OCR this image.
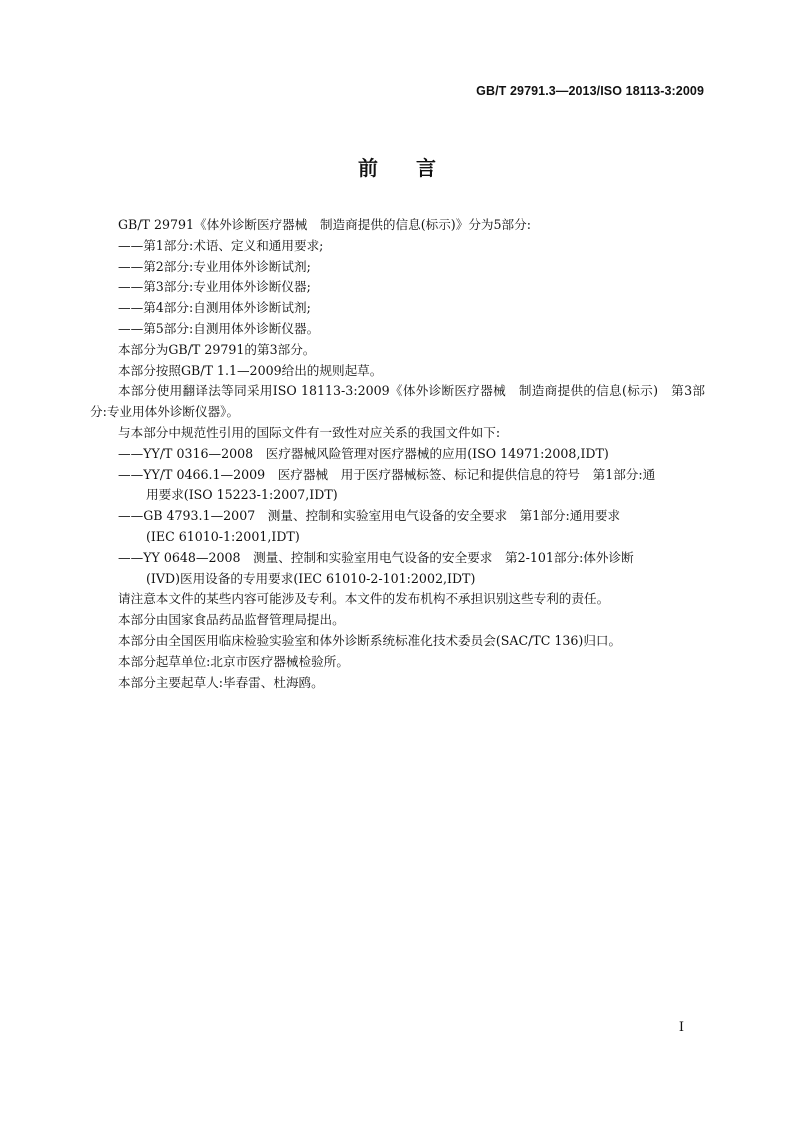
GB/T 29791.3—2013/ISO 18113-3:2009
前言

GB/T 29791《体外诊断医疗器械　制造商提供的信息(标示)》分为5部分:

——第1部分:术语、定义和通用要求;

——第2部分:专业用体外诊断试剂;

——第3部分:专业用体外诊断仪器;

——第4部分:自测用体外诊断试剂;

——第5部分:自测用体外诊断仪器。

本部分为GB/T 29791的第3部分。

本部分按照GB/T 1.1—2009给出的规则起草。

本部分使用翻译法等同采用ISO 18113-3:2009《体外诊断医疗器械　制造商提供的信息(标示)　第3部分:专业用体外诊断仪器》。

与本部分中规范性引用的国际文件有一致性对应关系的我国文件如下:

——YY/T 0316—2008　医疗器械风险管理对医疗器械的应用(ISO 14971:2008,IDT)

——YY/T 0466.1—2009　医疗器械　用于医疗器械标签、标记和提供信息的符号　第1部分:通

用要求(ISO 15223-1:2007,IDT)

——GB 4793.1—2007　测量、控制和实验室用电气设备的安全要求　第1部分:通用要求

(IEC 61010-1:2001,IDT)

——YY 0648—2008　测量、控制和实验室用电气设备的安全要求　第2-101部分:体外诊断

(IVD)医用设备的专用要求(IEC 61010-2-101:2002,IDT)

请注意本文件的某些内容可能涉及专利。本文件的发布机构不承担识别这些专利的责任。

本部分由国家食品药品监督管理局提出。

本部分由全国医用临床检验实验室和体外诊断系统标准化技术委员会(SAC/TC 136)归口。

本部分起草单位:北京市医疗器械检验所。

本部分主要起草人:毕春雷、杜海鸥。

I
